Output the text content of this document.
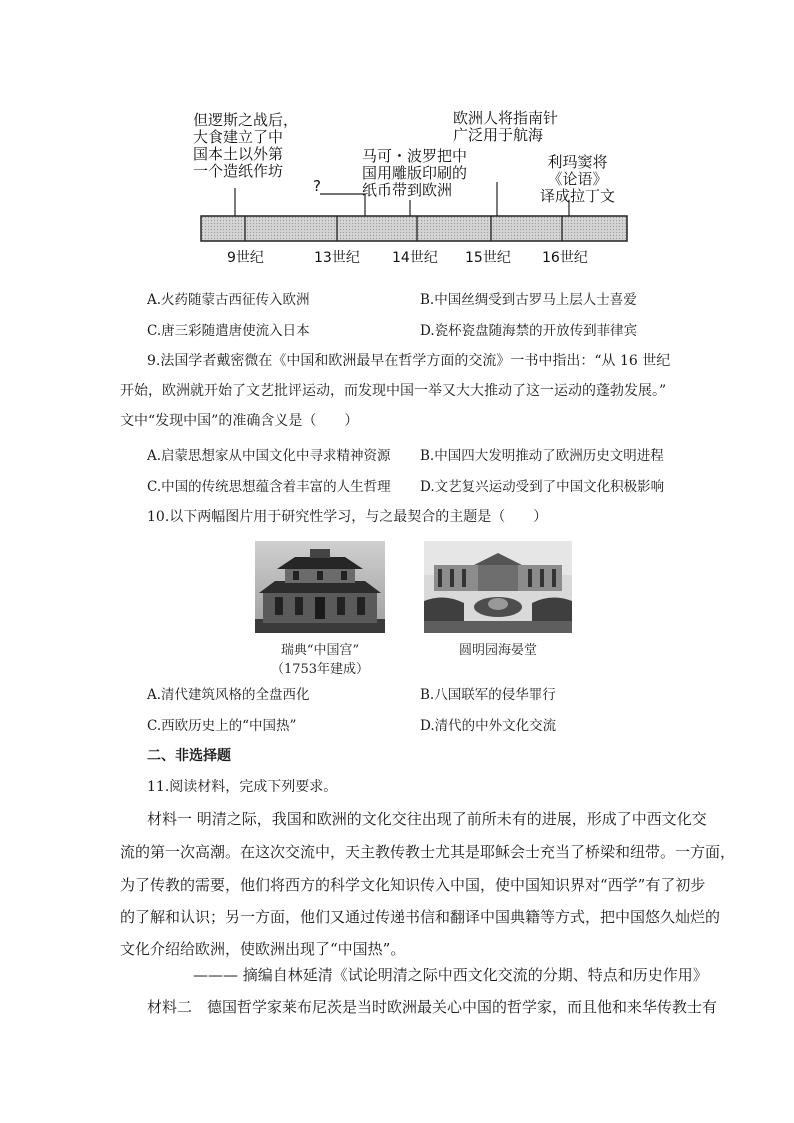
但逻斯之战后，
大食建立了中
国本土以外第
一个造纸作坊
?
马可・波罗把中
国用雕版印刷的
纸币带到欧洲
欧洲人将指南针
广泛用于航海
利玛窦将
《论语》
译成拉丁文
9世纪	13世纪 14世纪 15世纪 16世纪
A.火药随蒙古西征传入欧洲	B.中国丝绸受到古罗马上层人士喜爱
C.唐三彩随遣唐使流入日本	D.瓷杯瓷盘随海禁的开放传到菲律宾
9.法国学者戴密微在《中国和欧洲最早在哲学方面的交流》一书中指出：“从 16 世纪
开始，欧洲就开始了文艺批评运动，而发现中国一举又大大推动了这一运动的蓬勃发展。”
文中“发现中国”的准确含义是（　　）
A.启蒙思想家从中国文化中寻求精神资源 B.中国四大发明推动了欧洲历史文明进程
C.中国的传统思想蕴含着丰富的人生哲理 D.文艺复兴运动受到了中国文化积极影响
10.以下两幅图片用于研究性学习，与之最契合的主题是（　　）
瑞典“中国宫”
（1753年建成）
圆明园海晏堂
A.清代建筑风格的全盘西化	B.八国联军的侵华罪行
C.西欧历史上的“中国热”	D.清代的中外文化交流
二、非选择题
11.阅读材料，完成下列要求。
材料一 明清之际，我国和欧洲的文化交往出现了前所未有的进展，形成了中西文化交
流的第一次高潮。在这次交流中，天主教传教士尤其是耶稣会士充当了桥梁和纽带。一方面，
为了传教的需要，他们将西方的科学文化知识传入中国，使中国知识界对“西学”有了初步
的了解和认识；另一方面，他们又通过传递书信和翻译中国典籍等方式，把中国悠久灿烂的
文化介绍给欧洲，使欧洲出现了“中国热”。
——— 摘编自林延清《试论明清之际中西文化交流的分期、特点和历史作用》
材料二　德国哲学家莱布尼茨是当时欧洲最关心中国的哲学家，而且他和来华传教士有
